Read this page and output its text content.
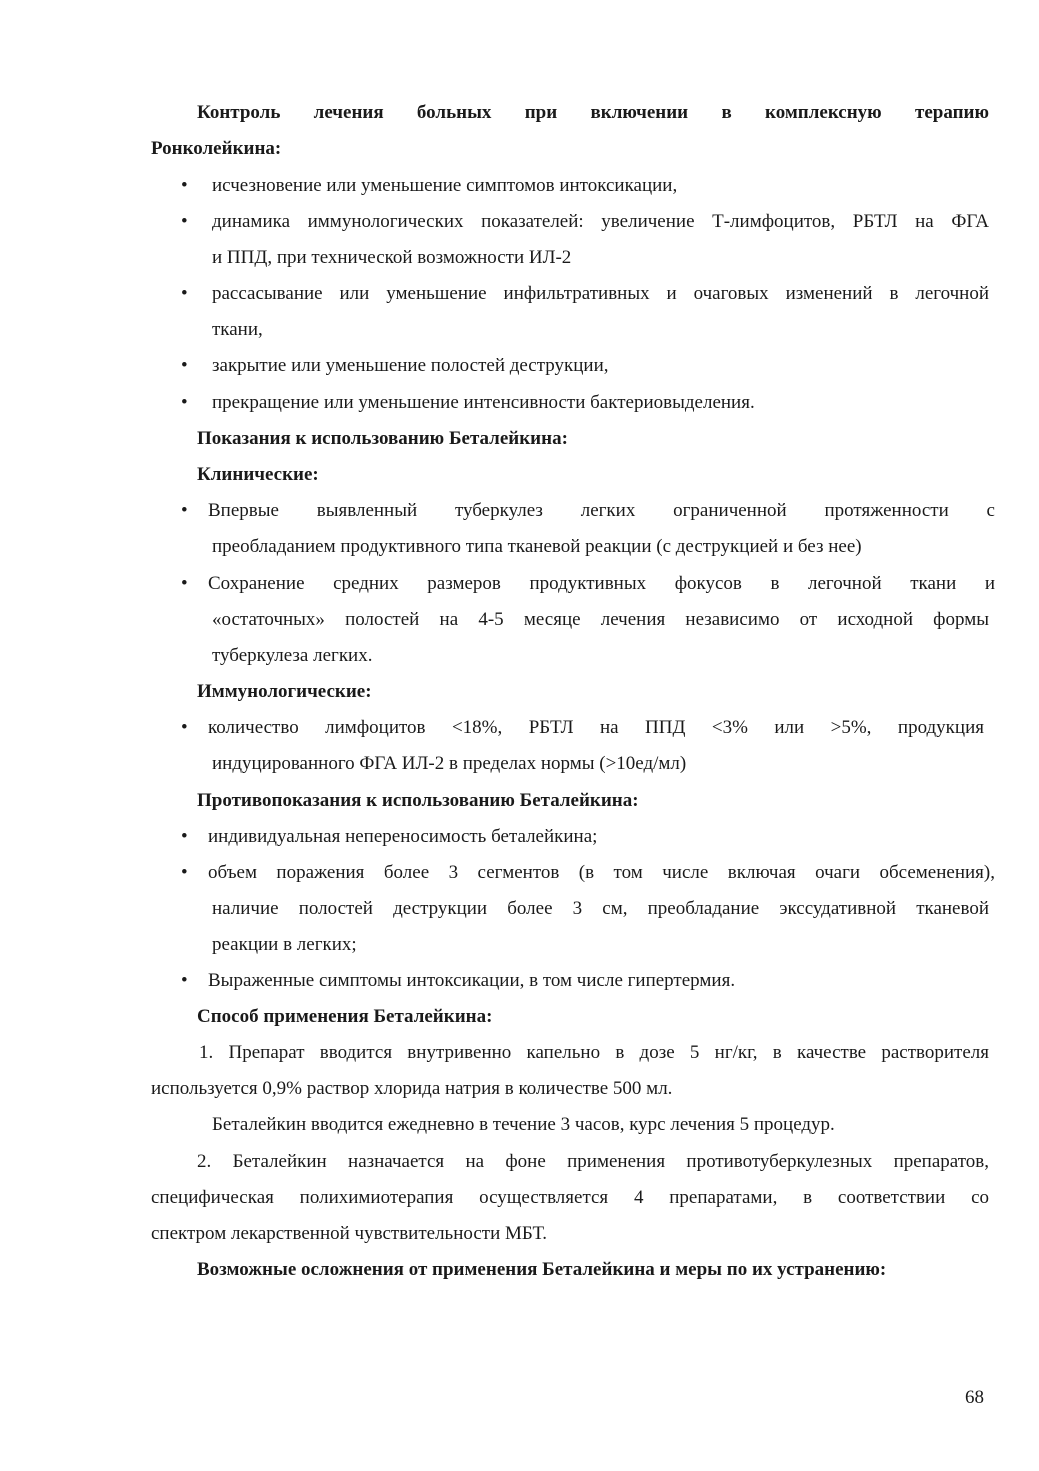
Контроль лечения больных при включении в комплексную терапию
Ронколейкина:
• исчезновение или уменьшение симптомов интоксикации,
• динамика иммунологических показателей: увеличение Т-лимфоцитов, РБТЛ на ФГА
и ППД, при технической возможности ИЛ-2
• рассасывание или уменьшение инфильтративных и очаговых изменений в легочной
ткани,
• закрытие или уменьшение полостей деструкции,
• прекращение или уменьшение интенсивности бактериовыделения.
Показания к использованию Беталейкина:
Клинические:
• Впервые выявленный туберкулез легких ограниченной протяженности с
преобладанием продуктивного типа тканевой реакции (с деструкцией и без нее)
• Сохранение средних размеров продуктивных фокусов в легочной ткани и
«остаточных» полостей на 4-5 месяце лечения независимо от исходной формы
туберкулеза легких.
Иммунологические:
• количество лимфоцитов <18%, РБТЛ на ППД <3% или >5%, продукция
индуцированного ФГА ИЛ-2 в пределах нормы (>10ед/мл)
Противопоказания к использованию Беталейкина:
• индивидуальная непереносимость беталейкина;
• объем поражения более 3 сегментов (в том числе включая очаги обсеменения),
наличие полостей деструкции более 3 см, преобладание экссудативной тканевой
реакции в легких;
• Выраженные симптомы интоксикации, в том числе гипертермия.
Способ применения Беталейкина:
1. Препарат вводится внутривенно капельно в дозе 5 нг/кг, в качестве растворителя
используется 0,9% раствор хлорида натрия в количестве 500 мл.
Беталейкин вводится ежедневно в течение 3 часов, курс лечения 5 процедур.
2. Беталейкин назначается на фоне применения противотуберкулезных препаратов,
специфическая полихимиотерапия осуществляется 4 препаратами, в соответствии со
спектром лекарственной чувствительности МБТ.
Возможные осложнения от применения Беталейкина и меры по их устранению:
68
